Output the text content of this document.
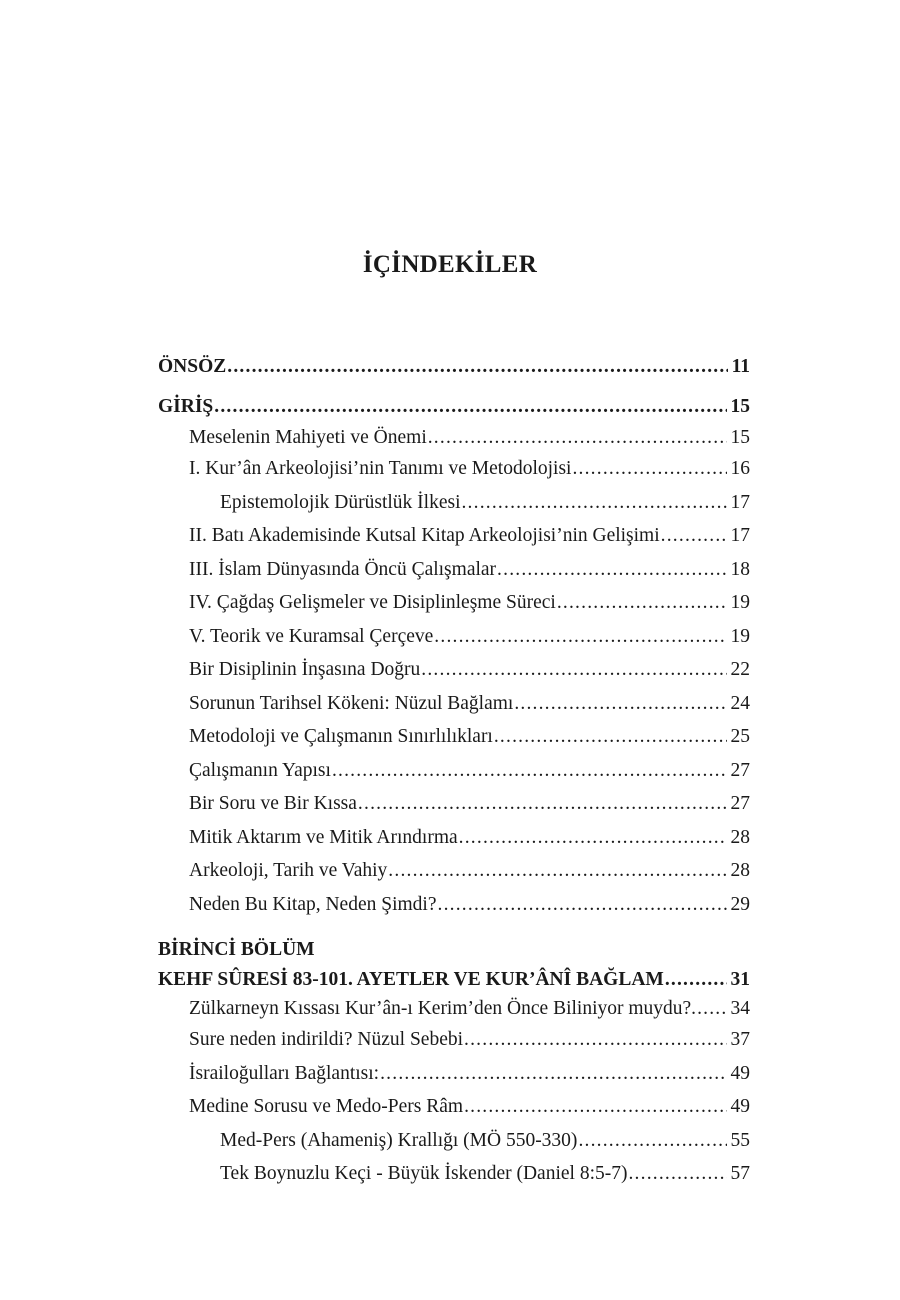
İÇİNDEKİLER
ÖNSÖZ .....	11
GİRİŞ .....	15
Meselenin Mahiyeti ve Önemi .....	15
I. Kur’ân Arkeolojisi’nin Tanımı ve Metodolojisi .....	16
Epistemolojik Dürüstlük İlkesi .....	17
II. Batı Akademisinde Kutsal Kitap Arkeolojisi’nin Gelişimi .....	17
III. İslam Dünyasında Öncü Çalışmalar .....	18
IV. Çağdaş Gelişmeler ve Disiplinleşme Süreci .....	19
V. Teorik ve Kuramsal Çerçeve .....	19
Bir Disiplinin İnşasına Doğru .....	22
Sorunun Tarihsel Kökeni: Nüzul Bağlamı .....	24
Metodoloji ve Çalışmanın Sınırlılıkları .....	25
Çalışmanın Yapısı .....	27
Bir Soru ve Bir Kıssa .....	27
Mitik Aktarım ve Mitik Arındırma .....	28
Arkeoloji, Tarih ve Vahiy .....	28
Neden Bu Kitap, Neden Şimdi? .....	29
BİRİNCİ BÖLÜM
KEHF SÛRESİ 83-101. AYETLER VE KUR’ÂNÎ BAĞLAM .....	31
Zülkarneyn Kıssası Kur’ân-ı Kerim’den Önce Biliniyor muydu?. ..... 34
Sure neden indirildi? Nüzul Sebebi .....	37
İsrailoğulları Bağlantısı: .....	49
Medine Sorusu ve Medo-Pers Râm .....	49
Med-Pers (Ahameniş) Krallığı (MÖ 550-330) .....	55
Tek Boynuzlu Keçi - Büyük İskender (Daniel 8:5-7) .....	57
